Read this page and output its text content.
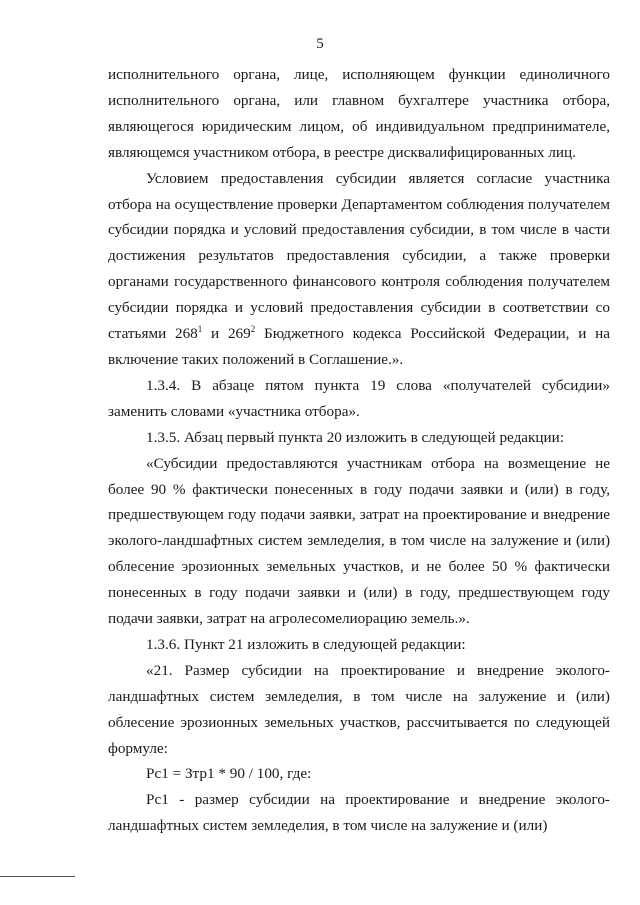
5

исполнительного органа, лице, исполняющем функции единоличного исполнительного органа, или главном бухгалтере участника отбора, являющегося юридическим лицом, об индивидуальном предпринимателе, являющемся участником отбора, в реестре дисквалифицированных лиц.

Условием предоставления субсидии является согласие участника отбора на осуществление проверки Департаментом соблюдения получателем субсидии порядка и условий предоставления субсидии, в том числе в части достижения результатов предоставления субсидии, а также проверки органами государственного финансового контроля соблюдения получателем субсидии порядка и условий предоставления субсидии в соответствии со статьями $268^1$ и $269^2$ Бюджетного кодекса Российской Федерации, и на включение таких положений в Соглашение.».

1.3.4. В абзаце пятом пункта 19 слова «получателей субсидии» заменить словами «участника отбора».

1.3.5. Абзац первый пункта 20 изложить в следующей редакции:

«Субсидии предоставляются участникам отбора на возмещение не более 90 % фактически понесенных в году подачи заявки и (или) в году, предшествующем году подачи заявки, затрат на проектирование и внедрение эколого-ландшафтных систем земледелия, в том числе на залужение и (или) облесение эрозионных земельных участков, и не более 50 % фактически понесенных в году подачи заявки и (или) в году, предшествующем году подачи заявки, затрат на агролесомелиорацию земель.».

1.3.6. Пункт 21 изложить в следующей редакции:

«21. Размер субсидии на проектирование и внедрение эколого-ландшафтных систем земледелия, в том числе на залужение и (или) облесение эрозионных земельных участков, рассчитывается по следующей формуле:

Рс1 = Зтр1 * 90 / 100, где:

Рс1 - размер субсидии на проектирование и внедрение эколого-ландшафтных систем земледелия, в том числе на залужение и (или)
